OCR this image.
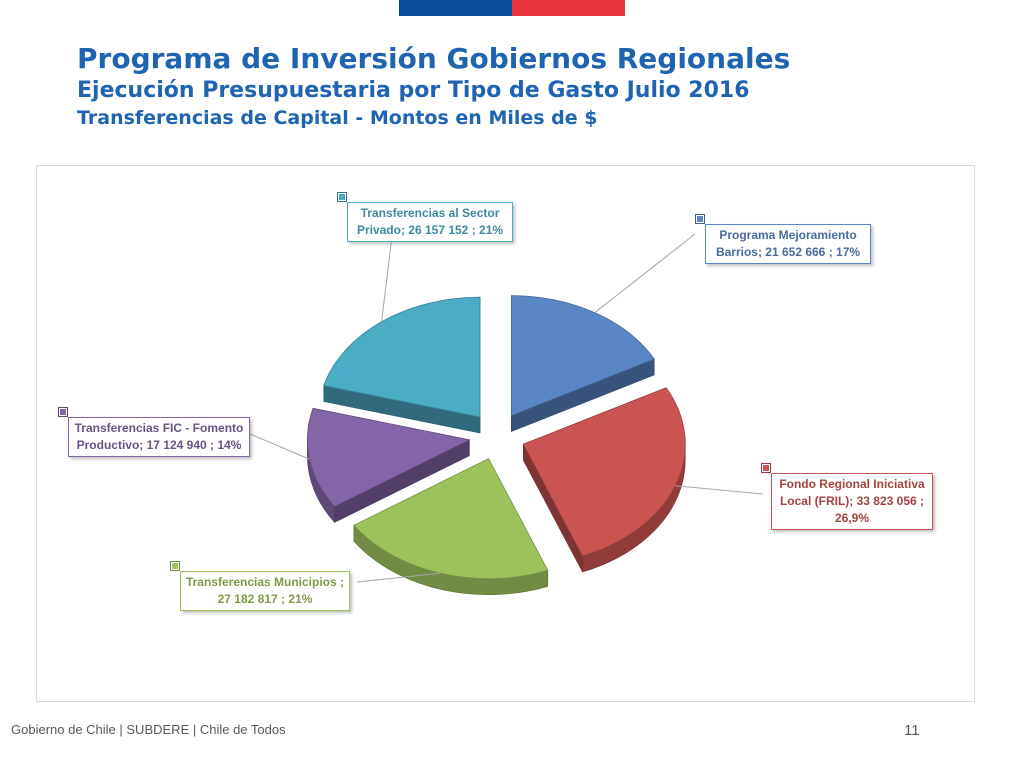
Programa de Inversión Gobiernos Regionales
Ejecución Presupuestaria por Tipo de Gasto Julio 2016
Transferencias de Capital - Montos en Miles de $
Programa Mejoramiento
Barrios; 21 652 666 ; 17%
Fondo Regional Iniciativa
Local (FRIL); 33 823 056 ;
26,9%
Transferencias Municipios ;
27 182 817 ; 21%
Transferencias FIC - Fomento
Productivo; 17 124 940 ; 14%
Transferencias al Sector
Privado; 26 157 152 ; 21%
Gobierno de Chile | SUBDERE | Chile de Todos	11
